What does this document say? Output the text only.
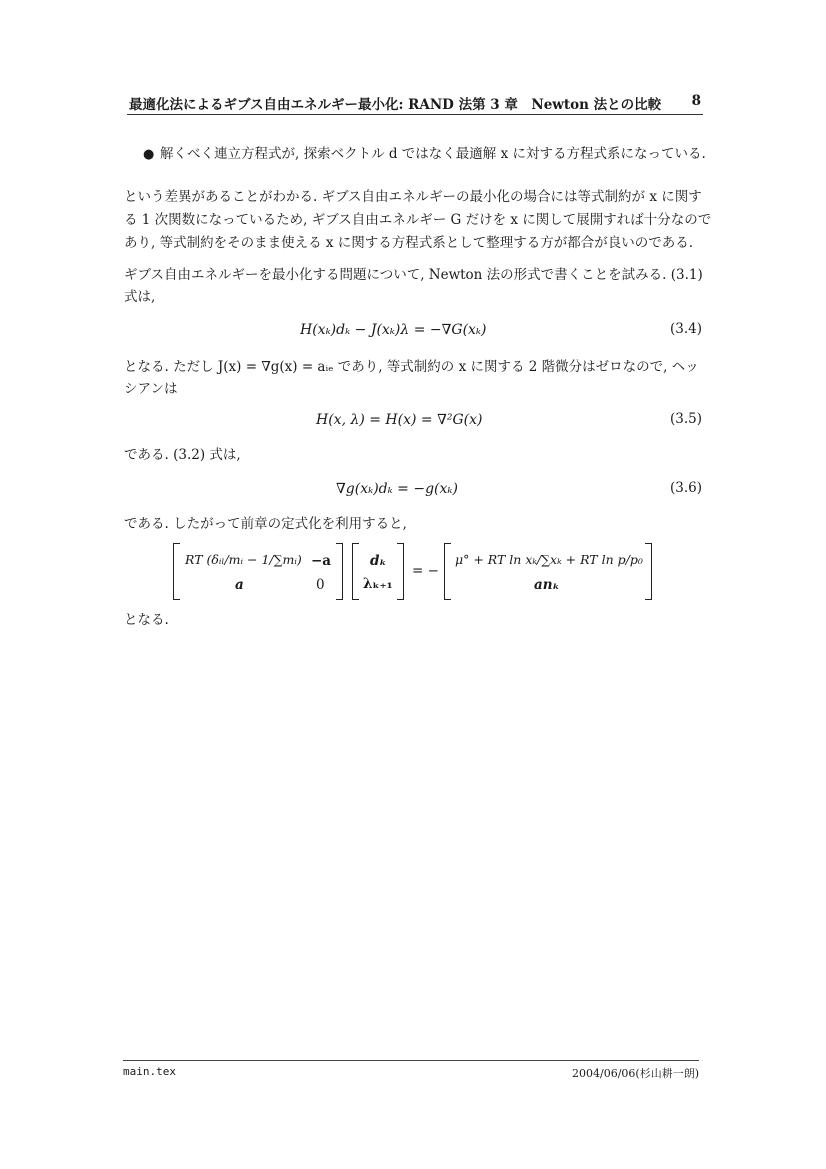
最適化法によるギブス自由エネルギー最小化: RAND 法第 3 章　Newton 法との比較 8
● 解くべく連立方程式が, 探索ベクトル d ではなく最適解 x に対する方程式系になっている.
という差異があることがわかる. ギブス自由エネルギーの最小化の場合には等式制約が x に関す
る 1 次関数になっているため, ギブス自由エネルギー G だけを x に関して展開すれば十分なので
あり, 等式制約をそのまま使える x に関する方程式系として整理する方が都合が良いのである.
ギブス自由エネルギーを最小化する問題について, Newton 法の形式で書くことを試みる. (3.1)
式は,
H(xₖ)dₖ − J(xₖ)λ = −∇G(xₖ)	(3.4)
となる. ただし J(x) = ∇g(x) = aᵢₑ であり, 等式制約の x に関する 2 階微分はゼロなので, ヘッ
シアンは
H(x, λ) = H(x) = ∇²G(x)	(3.5)
である. (3.2) 式は,
∇g(xₖ)dₖ = −g(xₖ)	(3.6)
である. したがって前章の定式化を利用すると,
RT (δᵢₗ/mᵢ − 1/∑mᵢ) −a
a	0
dₖ
λₖ₊₁
= −
μ° + RT ln xₖ/∑xₖ + RT ln p/p₀
anₖ
となる.
main.tex	2004/06/06(杉山耕一朗)
